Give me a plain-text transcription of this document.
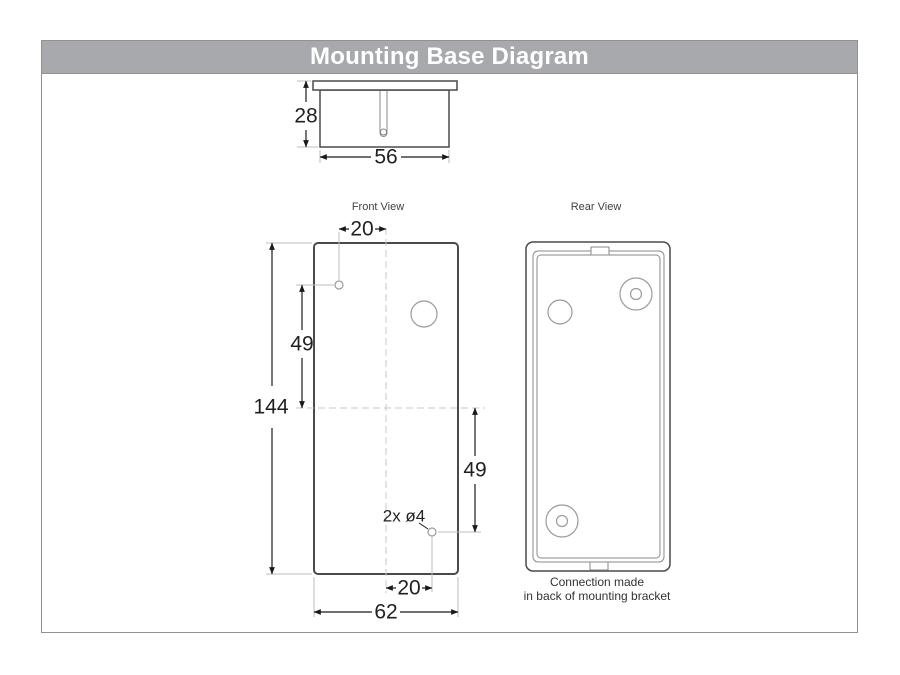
Mounting Base Diagram
28
56
Front View
20
49
144
49
2x ø4
20
62
Rear View
Connection made
in back of mounting bracket
